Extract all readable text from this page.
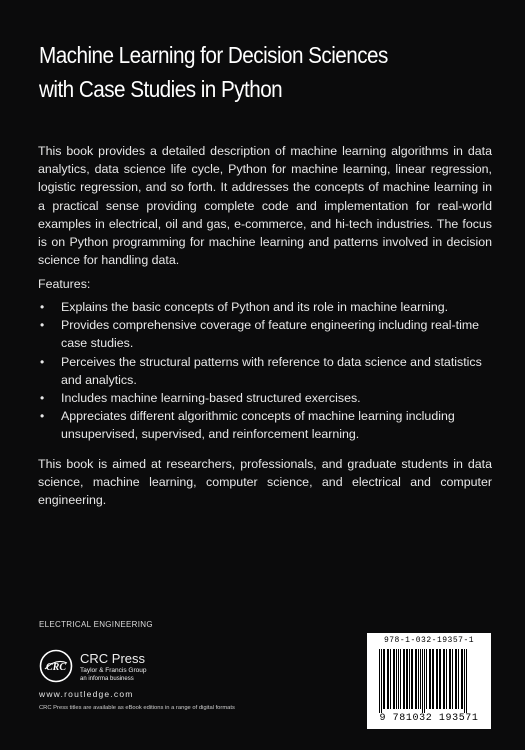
Machine Learning for Decision Sciences
with Case Studies in Python

This book provides a detailed description of machine learning algorithms in data analytics, data science life cycle, Python for machine learning, linear regression, logistic regression, and so forth. It addresses the concepts of machine learning in a practical sense providing complete code and implementation for real-world examples in electrical, oil and gas, e-commerce, and hi-tech industries. The focus is on Python programming for machine learning and patterns involved in decision science for handling data.

Features:

• Explains the basic concepts of Python and its role in machine learning.
• Provides comprehensive coverage of feature engineering including real-time case studies.
• Perceives the structural patterns with reference to data science and statistics and analytics.
• Includes machine learning-based structured exercises.
• Appreciates different algorithmic concepts of machine learning including unsupervised, supervised, and reinforcement learning.

This book is aimed at researchers, professionals, and graduate students in data science, machine learning, computer science, and electrical and computer engineering.

ELECTRICAL ENGINEERING
CRC
CRC Press
Taylor & Francis Group
an informa business
www.routledge.com
CRC Press titles are available as eBook editions in a range of digital formats
978-1-032-19357-1
9 781032 193571
